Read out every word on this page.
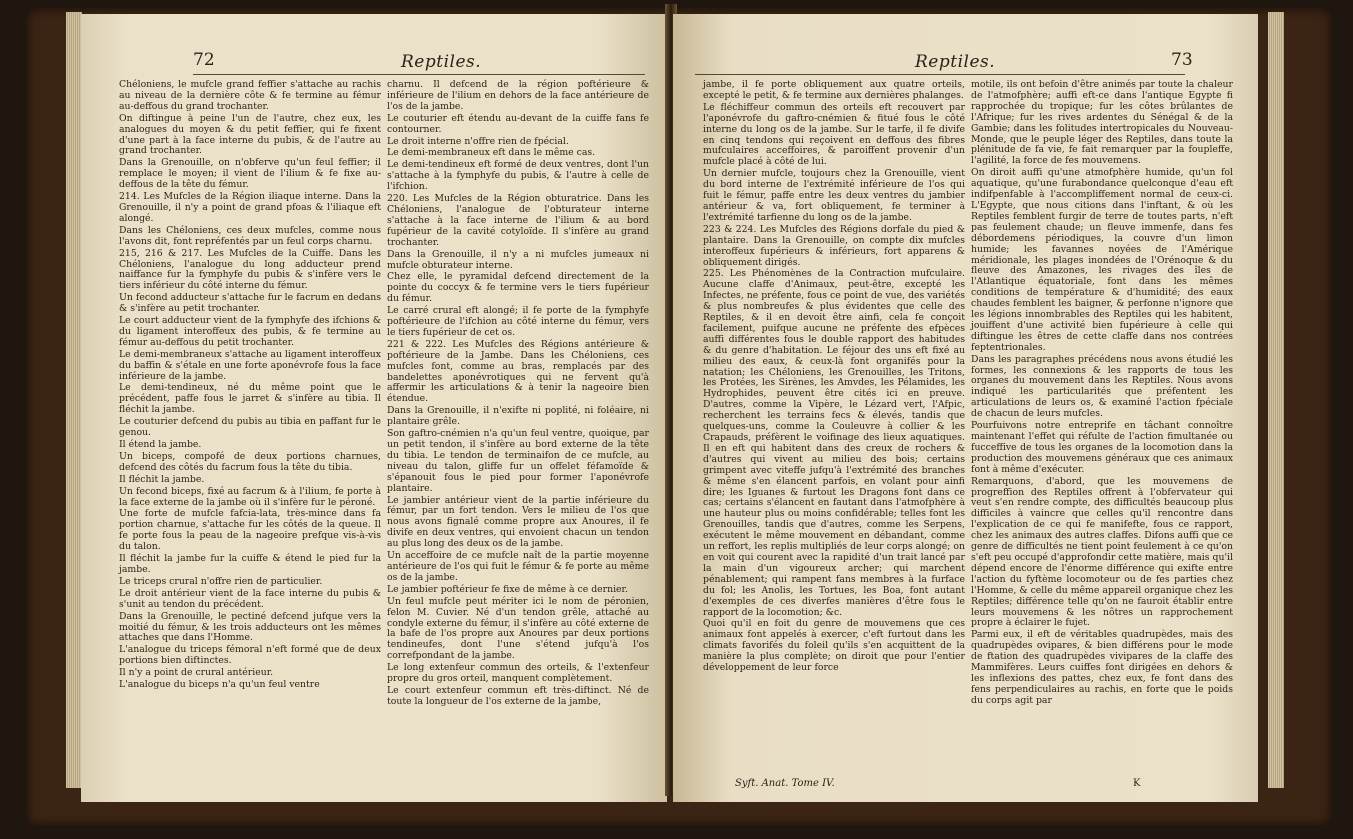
72	Reptiles.

Chéloniens, le mufcle grand feffier s'attache au rachis au niveau de la dernière côte & fe termine au fémur au-deffous du grand trochanter.

On diftingue à peine l'un de l'autre, chez eux, les analogues du moyen & du petit feffier, qui fe fixent d'une part à la face interne du pubis, & de l'autre au grand trochanter.

Dans la Grenouille, on n'obferve qu'un feul feffier; il remplace le moyen; il vient de l'ilium & fe fixe au-deffous de la tête du fémur.

214. Les Mufcles de la Région iliaque interne. Dans la Grenouille, il n'y a point de grand pfoas & l'iliaque eft alongé.

Dans les Chéloniens, ces deux mufcles, comme nous l'avons dit, font repréfentés par un feul corps charnu.

215, 216 & 217. Les Mufcles de la Cuiffe. Dans les Chéloniens, l'analogue du long adducteur prend naiffance fur la fymphyfe du pubis & s'infère vers le tiers inférieur du côté interne du fémur.

Un fecond adducteur s'attache fur le facrum en dedans & s'infère au petit trochanter.

Le court adducteur vient de la fymphyfe des ifchions & du ligament interoffeux des pubis, & fe termine au fémur au-deffous du petit trochanter.

Le demi-membraneux s'attache au ligament interoffeux du baffin & s'étale en une forte aponévrofe fous la face inférieure de la jambe.

Le demi-tendineux, né du même point que le précédent, paffe fous le jarret & s'infère au tibia. Il fléchit la jambe.

Le couturier defcend du pubis au tibia en paffant fur le genou.

Il étend la jambe.

Un biceps, compofé de deux portions charnues, defcend des côtés du facrum fous la tête du tibia.

Il fléchit la jambe.

Un fecond biceps, fixé au facrum & à l'ilium, fe porte à la face externe de la jambe où il s'infère fur le péroné.

Une forte de mufcle fafcia-lata, très-mince dans fa portion charnue, s'attache fur les côtés de la queue. Il fe porte fous la peau de la nageoire prefque vis-à-vis du talon.

Il fléchit la jambe fur la cuiffe & étend le pied fur la jambe.

Le triceps crural n'offre rien de particulier.

Le droit antérieur vient de la face interne du pubis & s'unit au tendon du précédent.

Dans la Grenouille, le pectiné defcend jufque vers la moitié du fémur, & les trois adducteurs ont les mêmes attaches que dans l'Homme.

L'analogue du triceps fémoral n'eft formé que de deux portions bien diftinctes.

Il n'y a point de crural antérieur.

L'analogue du biceps n'a qu'un feul ventre

charnu. Il defcend de la région poftérieure & inférieure de l'ilium en dehors de la face antérieure de l'os de la jambe.

Le couturier eft étendu au-devant de la cuiffe fans fe contourner.

Le droit interne n'offre rien de fpécial.

Le demi-membraneux eft dans le même cas.

Le demi-tendineux eft formé de deux ventres, dont l'un s'attache à la fymphyfe du pubis, & l'autre à celle de l'ifchion.

220. Les Mufcles de la Région obturatrice. Dans les Chéloniens, l'analogue de l'obturateur interne s'attache à la face interne de l'ilium & au bord fupérieur de la cavité cotyloïde. Il s'infère au grand trochanter.

Dans la Grenouille, il n'y a ni mufcles jumeaux ni mufcle obturateur interne.

Chez elle, le pyramidal defcend directement de la pointe du coccyx & fe termine vers le tiers fupérieur du fémur.

Le carré crural eft alongé; il fe porte de la fymphyfe poftérieure de l'ifchion au côté interne du fémur, vers le tiers fupérieur de cet os.

221 & 222. Les Mufcles des Régions antérieure & poftérieure de la Jambe. Dans les Chéloniens, ces mufcles font, comme au bras, remplacés par des bandelettes aponévrotiques qui ne fervent qu'à affermir les articulations & à tenir la nageoire bien étendue.

Dans la Grenouille, il n'exifte ni poplité, ni foléaire, ni plantaire grêle.

Son gaftro-cnémien n'a qu'un feul ventre, quoique, par un petit tendon, il s'infère au bord externe de la tête du tibia. Le tendon de terminaifon de ce mufcle, au niveau du talon, gliffe fur un offelet féfamoïde & s'épanouit fous le pied pour former l'aponévrofe plantaire.

Le jambier antérieur vient de la partie inférieure du fémur, par un fort tendon. Vers le milieu de l'os que nous avons fignalé comme propre aux Anoures, il fe divife en deux ventres, qui envoient chacun un tendon au plus long des deux os de la jambe.

Un acceffoire de ce mufcle naît de la partie moyenne antérieure de l'os qui fuit le fémur & fe porte au même os de la jambe.

Le jambier poftérieur fe fixe de même à ce dernier.

Un feul mufcle peut mériter ici le nom de péronien, felon M. Cuvier. Né d'un tendon grêle, attaché au condyle externe du fémur, il s'infère au côté externe de la bafe de l'os propre aux Anoures par deux portions tendineufes, dont l'une s'étend jufqu'à l'os correfpondant de la jambe.

Le long extenfeur commun des orteils, & l'extenfeur propre du gros orteil, manquent complètement.

Le court extenfeur commun eft très-diftinct. Né de toute la longueur de l'os externe de la jambe,

Reptiles.	73

jambe, il fe porte obliquement aux quatre orteils, excepté le petit, & fe termine aux dernières phalanges.

Le fléchiffeur commun des orteils eft recouvert par l'aponévrofe du gaftro-cnémien & fitué fous le côté interne du long os de la jambe. Sur le tarfe, il fe divife en cinq tendons qui reçoivent en deffous des fibres mufculaires acceffoires, & paroiffent provenir d'un mufcle placé à côté de lui.

Un dernier mufcle, toujours chez la Grenouille, vient du bord interne de l'extrémité inférieure de l'os qui fuit le fémur, paffe entre les deux ventres du jambier antérieur & va, fort obliquement, fe terminer à l'extrémité tarfienne du long os de la jambe.

223 & 224. Les Mufcles des Régions dorfale du pied & plantaire. Dans la Grenouille, on compte dix mufcles interoffeux fupérieurs & inférieurs, fort apparens & obliquement dirigés.

225. Les Phénomènes de la Contraction mufculaire. Aucune claffe d'Animaux, peut-être, excepté les Infectes, ne préfente, fous ce point de vue, des variétés & plus nombreufes & plus évidentes que celle des Reptiles, & il en devoit être ainfi, cela fe conçoit facilement, puifque aucune ne préfente des efpèces auffi différentes fous le double rapport des habitudes & du genre d'habitation. Le féjour des uns eft fixé au milieu des eaux, & ceux-là font organifés pour la natation; les Chéloniens, les Grenouilles, les Tritons, les Protées, les Sirènes, les Amvdes, les Pélamides, les Hydrophides, peuvent être cités ici en preuve. D'autres, comme la Vipère, le Lézard vert, l'Afpic, recherchent les terrains fecs & élevés, tandis que quelques-uns, comme la Couleuvre à collier & les Crapauds, préfèrent le voifinage des lieux aquatiques. Il en eft qui habitent dans des creux de rochers & d'autres qui vivent au milieu des bois; certains grimpent avec viteffe jufqu'à l'extrémité des branches & même s'en élancent parfois, en volant pour ainfi dire; les Iguanes & furtout les Dragons font dans ce cas; certains s'élancent en fautant dans l'atmofphère à une hauteur plus ou moins confidérable; telles font les Grenouilles, tandis que d'autres, comme les Serpens, exécutent le même mouvement en débandant, comme un reffort, les replis multipliés de leur corps alongé; on en voit qui courent avec la rapidité d'un trait lancé par la main d'un vigoureux archer; qui marchent pénablement; qui rampent fans membres à la furface du fol; les Anolis, les Tortues, les Boa, font autant d'exemples de ces diverfes manières d'être fous le rapport de la locomotion; &c.

Quoi qu'il en foit du genre de mouvemens que ces animaux font appelés à exercer, c'eft furtout dans les climats favorifés du foleil qu'ils s'en acquittent de la manière la plus complète; on diroit que pour l'entier développement de leur force

motile, ils ont befoin d'être animés par toute la chaleur de l'atmofphère; auffi eft-ce dans l'antique Egypte fi rapprochée du tropique; fur les côtes brûlantes de l'Afrique; fur les rives ardentes du Sénégal & de la Gambie; dans les folitudes intertropicales du Nouveau-Monde, que le peuple léger des Reptiles, dans toute la plénitude de fa vie, fe fait remarquer par la foupleffe, l'agilité, la force de fes mouvemens.

On diroit auffi qu'une atmofphère humide, qu'un fol aquatique, qu'une furabondance quelconque d'eau eft indifpenfable à l'accompliffement normal de ceux-ci. L'Egypte, que nous citions dans l'inftant, & où les Reptiles femblent furgir de terre de toutes parts, n'eft pas feulement chaude; un fleuve immenfe, dans fes débordemens périodiques, la couvre d'un limon humide; les favannes noyées de l'Amérique méridionale, les plages inondées de l'Orénoque & du fleuve des Amazones, les rivages des îles de l'Atlantique équatoriale, font dans les mêmes conditions de température & d'humidité; des eaux chaudes femblent les baigner, & perfonne n'ignore que les légions innombrables des Reptiles qui les habitent, jouiffent d'une activité bien fupérieure à celle qui diftingue les êtres de cette claffe dans nos contrées feptentrionales.

Dans les paragraphes précédens nous avons étudié les formes, les connexions & les rapports de tous les organes du mouvement dans les Reptiles. Nous avons indiqué les particularités que préfentent les articulations de leurs os, & examiné l'action fpéciale de chacun de leurs mufcles.

Pourfuivons notre entreprife en tâchant connoître maintenant l'effet qui réfulte de l'action fimultanée ou fucceffive de tous les organes de la locomotion dans la production des mouvemens généraux que ces animaux font à même d'exécuter.

Remarquons, d'abord, que les mouvemens de progreffion des Reptiles offrent à l'obfervateur qui veut s'en rendre compte, des difficultés beaucoup plus difficiles à vaincre que celles qu'il rencontre dans l'explication de ce qui fe manifefte, fous ce rapport, chez les animaux des autres claffes. Difons auffi que ce genre de difficultés ne tient point feulement à ce qu'on s'eft peu occupé d'approfondir cette matière, mais qu'il dépend encore de l'énorme différence qui exifte entre l'action du fyftème locomoteur ou de fes parties chez l'Homme, & celle du même appareil organique chez les Reptiles; différence telle qu'on ne fauroit établir entre leurs mouvemens & les nôtres un rapprochement propre à éclairer le fujet.

Parmi eux, il eft de véritables quadrupèdes, mais des quadrupèdes ovipares, & bien différens pour le mode de ftation des quadrupèdes vivipares de la claffe des Mammifères. Leurs cuiffes font dirigées en dehors & les inflexions des pattes, chez eux, fe font dans des fens perpendiculaires au rachis, en forte que le poids du corps agit par

Syft. Anat. Tome IV.	K
